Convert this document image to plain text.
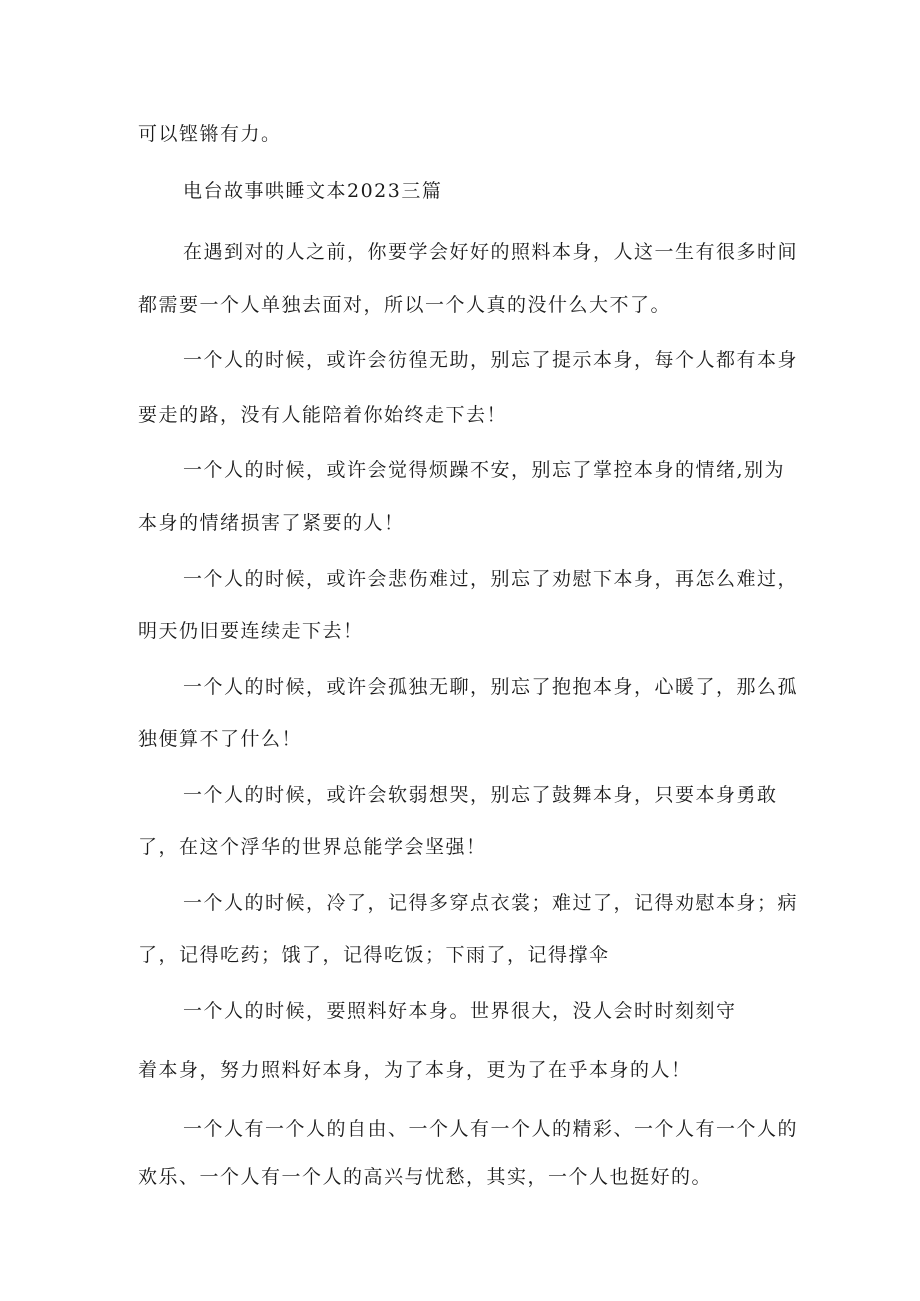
可以铿锵有力。
电台故事哄睡文本2023三篇
在遇到对的人之前，你要学会好好的照料本身，人这一生有很多时间
都需要一个人单独去面对，所以一个人真的没什么大不了。
一个人的时候，或许会彷徨无助，别忘了提示本身，每个人都有本身
要走的路，没有人能陪着你始终走下去！
一个人的时候，或许会觉得烦躁不安，别忘了掌控本身的情绪,别为
本身的情绪损害了紧要的人！
一个人的时候，或许会悲伤难过，别忘了劝慰下本身，再怎么难过，
明天仍旧要连续走下去！
一个人的时候，或许会孤独无聊，别忘了抱抱本身，心暖了，那么孤
独便算不了什么！
一个人的时候，或许会软弱想哭，别忘了鼓舞本身，只要本身勇敢
了，在这个浮华的世界总能学会坚强！
一个人的时候，冷了，记得多穿点衣裳；难过了，记得劝慰本身；病
了，记得吃药；饿了，记得吃饭；下雨了，记得撑伞
一个人的时候，要照料好本身。世界很大，没人会时时刻刻守
着本身，努力照料好本身，为了本身，更为了在乎本身的人！
一个人有一个人的自由、一个人有一个人的精彩、一个人有一个人的
欢乐、一个人有一个人的高兴与忧愁，其实，一个人也挺好的。
